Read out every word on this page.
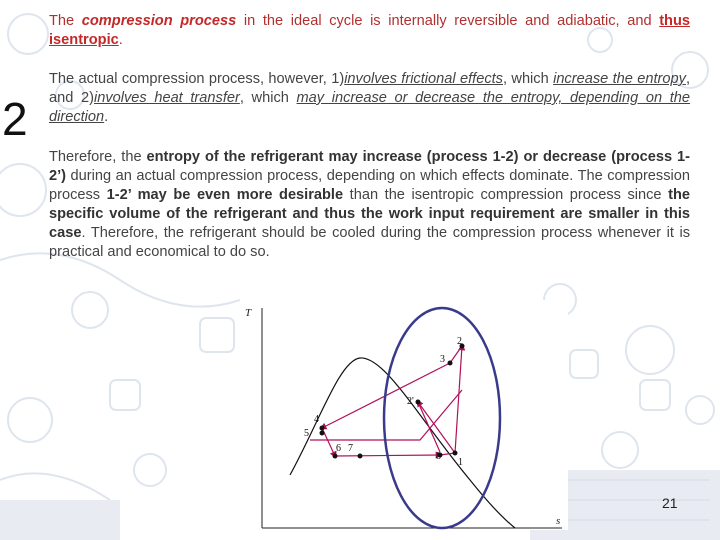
2

The compression process in the ideal cycle is internally reversible and adiabatic, and thus isentropic.

The actual compression process, however, 1)involves frictional effects, which increase the entropy, and 2)involves heat transfer, which may increase or decrease the entropy, depending on the direction.

Therefore, the entropy of the refrigerant may increase (process 1-2) or decrease (process 1-2’) during an actual compression process, depending on which effects dominate. The compression process 1-2’ may be even more desirable than the isentropic compression process since the specific volume of the refrigerant and thus the work input requirement are smaller in this case. Therefore, the refrigerant should be cooled during the compression process whenever it is practical and economical to do so.

T
s
1
2
3
2'
4
5
6 7
8
21
